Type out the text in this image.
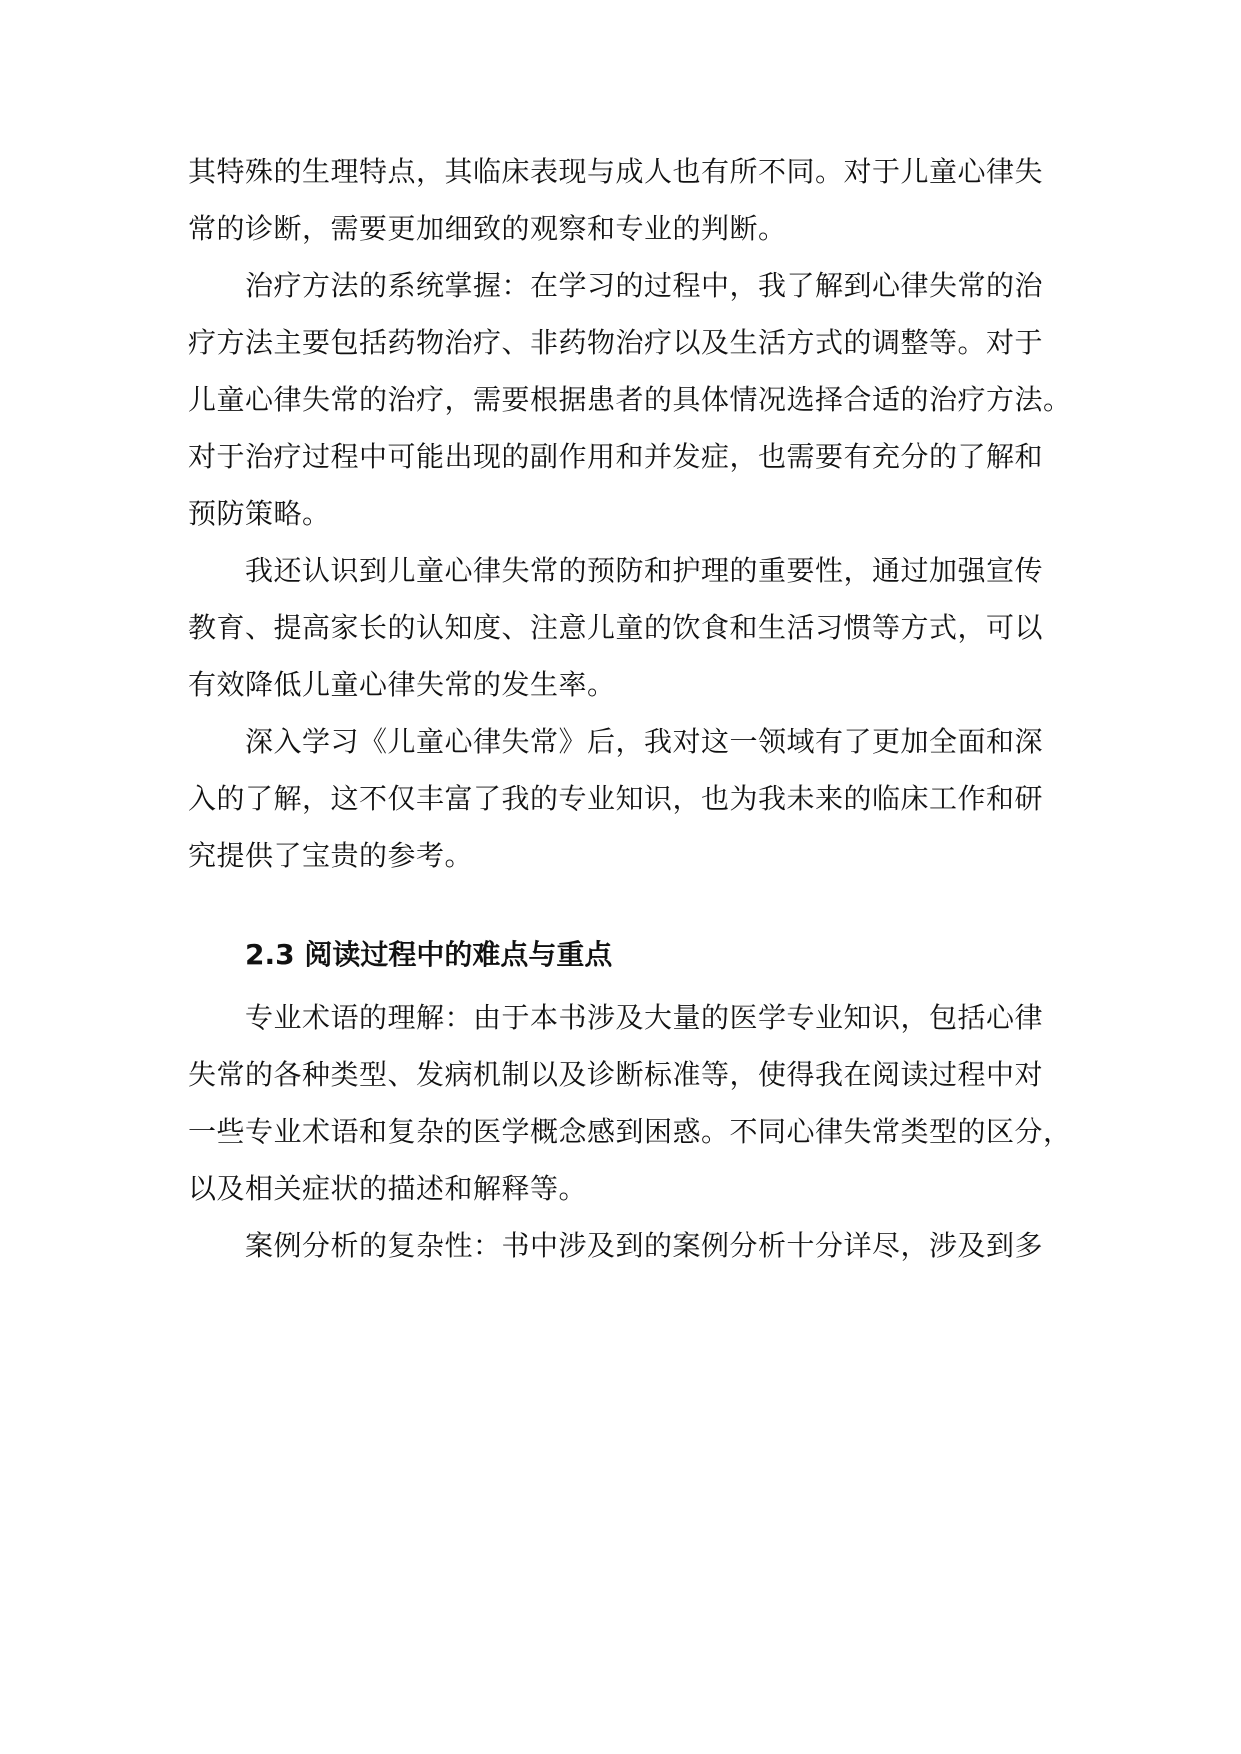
其特殊的生理特点，其临床表现与成人也有所不同。对于儿童心律失
常的诊断，需要更加细致的观察和专业的判断。
治疗方法的系统掌握：在学习的过程中，我了解到心律失常的治
疗方法主要包括药物治疗、非药物治疗以及生活方式的调整等。对于
儿童心律失常的治疗，需要根据患者的具体情况选择合适的治疗方法。
对于治疗过程中可能出现的副作用和并发症，也需要有充分的了解和
预防策略。
我还认识到儿童心律失常的预防和护理的重要性，通过加强宣传
教育、提高家长的认知度、注意儿童的饮食和生活习惯等方式，可以
有效降低儿童心律失常的发生率。
深入学习《儿童心律失常》后，我对这一领域有了更加全面和深
入的了解，这不仅丰富了我的专业知识，也为我未来的临床工作和研
究提供了宝贵的参考。
2.3 阅读过程中的难点与重点
专业术语的理解：由于本书涉及大量的医学专业知识，包括心律
失常的各种类型、发病机制以及诊断标准等，使得我在阅读过程中对
一些专业术语和复杂的医学概念感到困惑。不同心律失常类型的区分，
以及相关症状的描述和解释等。
案例分析的复杂性：书中涉及到的案例分析十分详尽，涉及到多
